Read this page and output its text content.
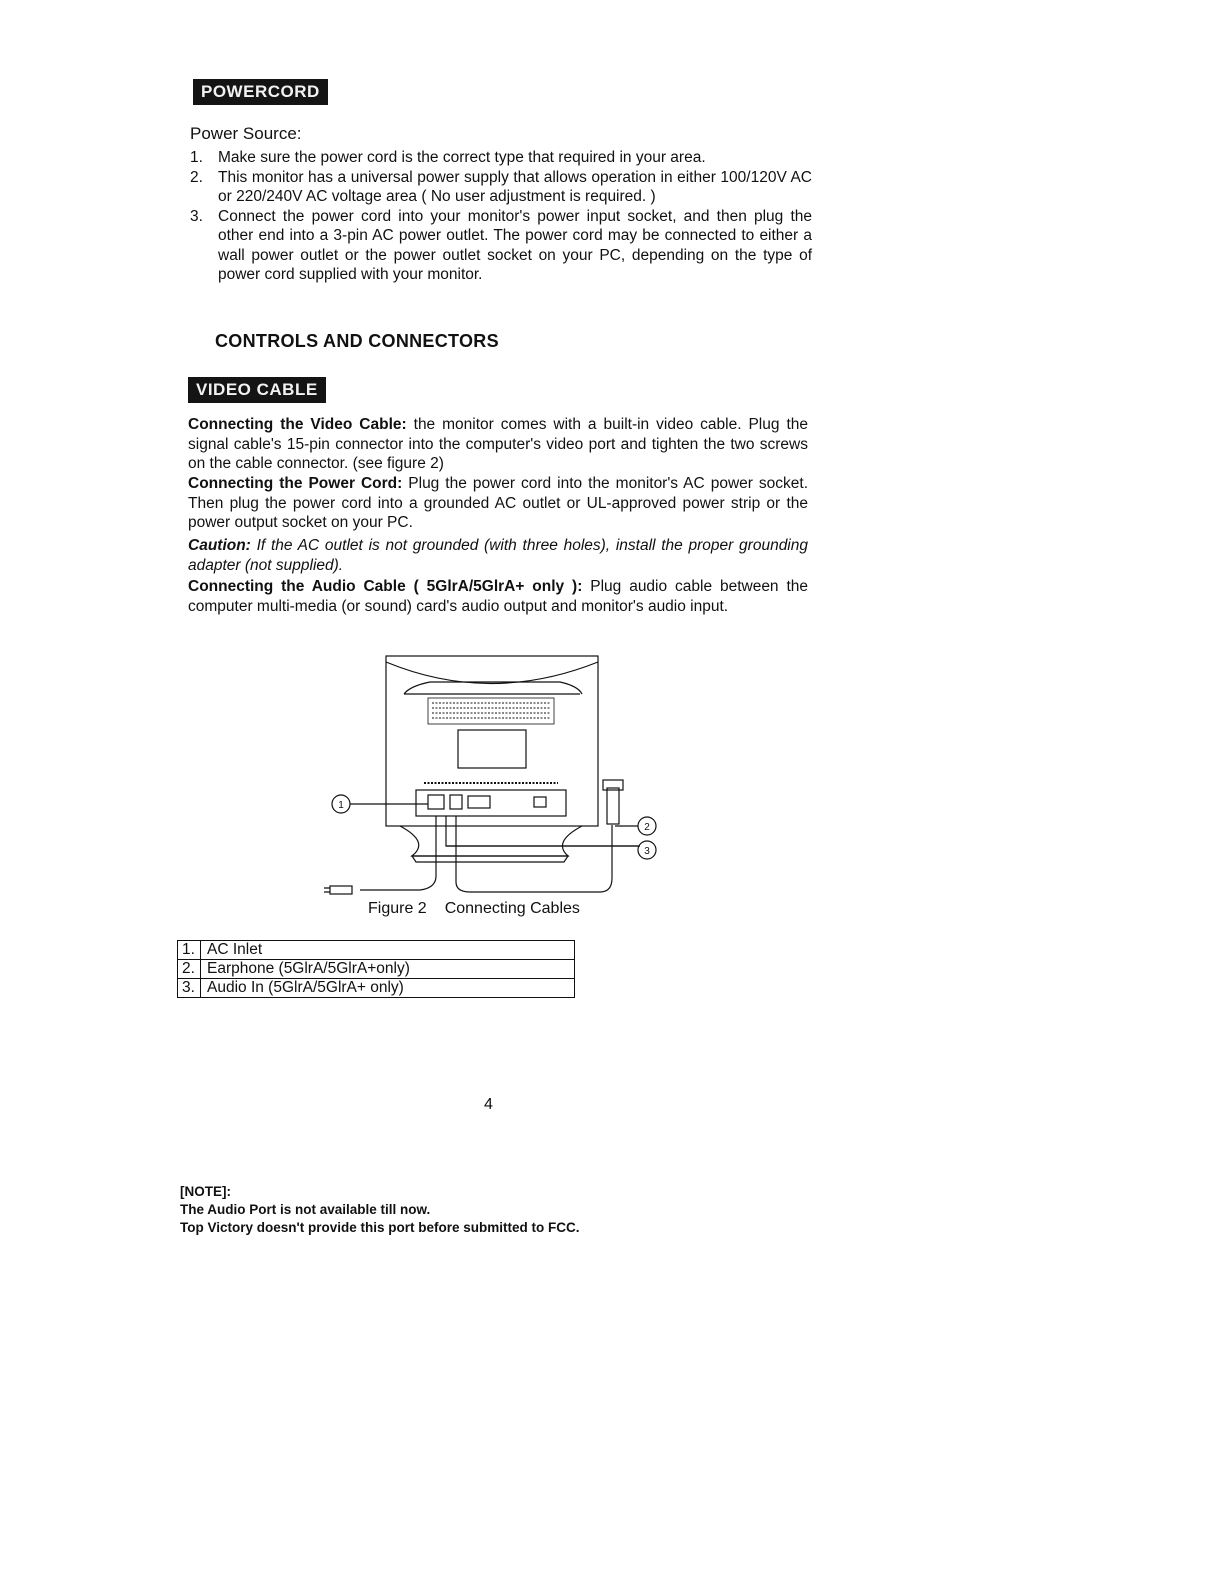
POWERCORD
Power Source:
1. Make sure the power cord is the correct type that required in your area.
2. This monitor has a universal power supply that allows operation in either 100/120V AC or 220/240V AC voltage area ( No user adjustment is required. )
3. Connect the power cord into your monitor's power input socket, and then plug the other end into a 3-pin AC power outlet. The power cord may be connected to either a wall power outlet or the power outlet socket on your PC, depending on the type of power cord supplied with your monitor.
CONTROLS AND CONNECTORS
VIDEO CABLE

Connecting the Video Cable: the monitor comes with a built-in video cable. Plug the signal cable's 15-pin connector into the computer's video port and tighten the two screws on the cable connector. (see figure 2)

Connecting the Power Cord: Plug the power cord into the monitor's AC power socket. Then plug the power cord into a grounded AC outlet or UL-approved power strip or the power output socket on your PC.

Caution: If the AC outlet is not grounded (with three holes), install the proper grounding adapter (not supplied).

Connecting the Audio Cable ( 5GlrA/5GlrA+ only ): Plug audio cable between the computer multi-media (or sound) card's audio output and monitor's audio input.

1
2
3
Figure 2 Connecting Cables
1.	AC Inlet
2.	Earphone (5GlrA/5GlrA+only)
3.	Audio In (5GlrA/5GlrA+ only)
4
[NOTE]:
The Audio Port is not available till now.
Top Victory doesn't provide this port before submitted to FCC.
